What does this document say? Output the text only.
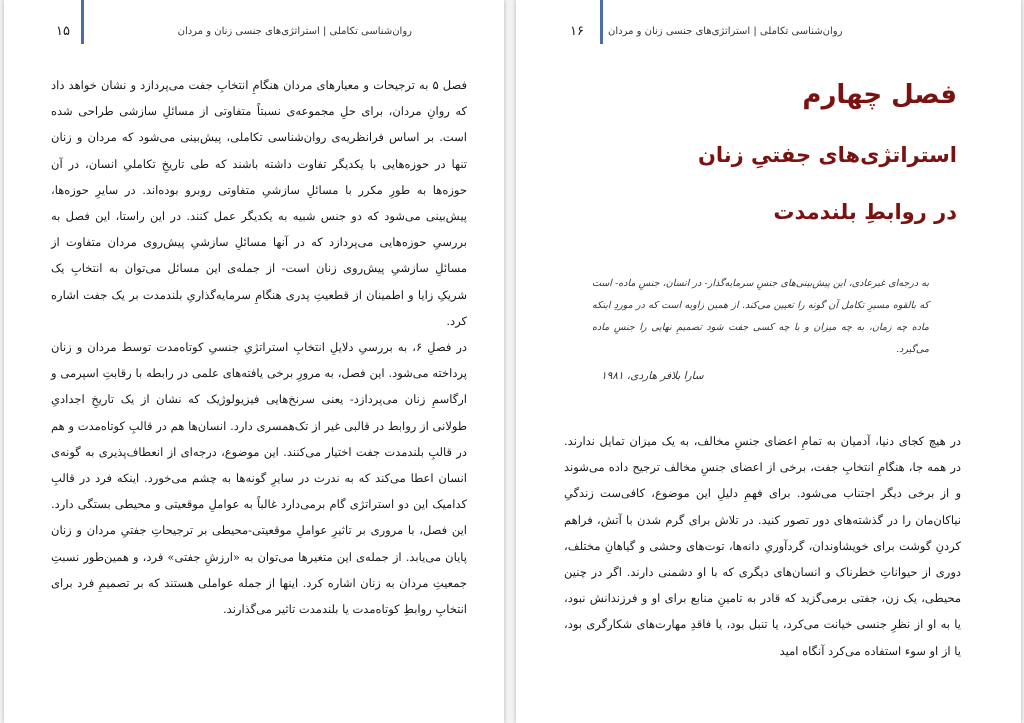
روان‌شناسی تکاملی | استراتژی‌های جنسی زنان و مردان
۱۵

فصل ۵ به ترجیحات و معیارهای مردان هنگامِ انتخابِ جفت می‌پردازد و نشان خواهد داد که روانِ مردان، برای حلِ مجموعه‌ی نسبتاً متفاوتی از مسائلِ سازشی طراحی شده است. بر اساس فرانظریه‌ی روان‌شناسی تکاملی، پیش‌بینی می‌شود که مردان و زنان تنها در حوزه‌هایی با یکدیگر تفاوت داشته باشند که طی تاریخِ تکاملیِ انسان، در آن حوزه‌ها به طورِ مکرر با مسائلِ سازشیِ متفاوتی روبرو بوده‌اند. در سایرِ حوزه‌ها، پیش‌بینی می‌شود که دو جنس شبیه به یکدیگر عمل کنند. در این راستا، این فصل به بررسیِ حوزه‌هایی می‌پردازد که در آنها مسائلِ سازشیِ پیش‌روی مردان متفاوت از مسائلِ سازشیِ پیش‌روی زنان است- از جمله‌ی این مسائل می‌توان به انتخابِ یک شریکِ زایا و اطمینان از قطعیتِ پدری هنگامِ سرمایه‌گذاریِ بلندمدت بر یک جفت اشاره کرد.

در فصلِ ۶، به بررسیِ دلایلِ انتخابِ استراتژیِ جنسیِ کوتاه‌مدت توسط مردان و زنان پرداخته می‌شود. این فصل، به مرورِ برخی یافته‌های علمی در رابطه با رقابتِ اسپرمی و ارگاسمِ زنان می‌پردازد- یعنی سرنخ‌هایی فیزیولوژیک که نشان از یک تاریخِ اجدادیِ طولانی از روابط در قالبی غیر از تک‌همسری دارد. انسان‌ها هم در قالبِ کوتاه‌مدت و هم در قالبِ بلندمدت جفت اختیار می‌کنند. این موضوع، درجه‌ای از انعطاف‌پذیری به گونه‌ی انسان اعطا می‌کند که به ندرت در سایرِ گونه‌ها به چشم می‌خورد. اینکه فرد در قالبِ کدامیک این دو استراتژی گام برمی‌دارد غالباً به عواملِ موقعیتی و محیطی بستگی دارد. این فصل، با مروری بر تاثیرِ عواملِ موقعیتی-محیطی بر ترجیحاتِ جفتیِ مردان و زنان پایان می‌یابد. از جمله‌ی این متغیرها می‌توان به «ارزشِ جفتی» فرد، و همین‌طور نسبتِ جمعیتِ مردان به زنان اشاره کرد. اینها از جمله عواملی هستند که بر تصمیمِ فرد برای انتخابِ روابطِ کوتاه‌مدت یا بلندمدت تاثیر می‌گذارند.

روان‌شناسی تکاملی | استراتژی‌های جنسی زنان و مردان
۱۶
فصل چهارم
استراتژی‌های جفتیِ زنان
در روابطِ بلندمدت
به درجه‌ای غیرعادی، این پیش‌بینی‌های جنسِ سرمایه‌گذار- در انسان، جنسِ ماده- است که بالقوه مسیرِ تکامل آن گونه را تعیین می‌کند. از همین زاویه است که در موردِ اینکه ماده چه زمان، به چه میزان و با چه کسی جفت شود تصمیمِ نهایی را جنسِ ماده می‌گیرد.
سارا بلافر هاردی، ۱۹۸۱

در هیچ کجای دنیا، آدمیان به تمامِ اعضای جنسِ مخالف، به یک میزان تمایل ندارند. در همه جا، هنگامِ انتخابِ جفت، برخی از اعضای جنسِ مخالف ترجیح داده می‌شوند و از برخی دیگر اجتناب می‌شود. برای فهمِ دلیلِ این موضوع، کافی‌ست زندگیِ نیاکان‌مان را در گذشته‌های دور تصور کنید. در تلاش برای گرم شدن با آتش، فراهم کردنِ گوشت برای خویشاوندان، گردآوریِ دانه‌ها، توت‌های وحشی و گیاهانِ مختلف، دوری از حیواناتِ خطرناک و انسان‌های دیگری که با او دشمنی دارند. اگر در چنین محیطی، یک زن، جفتی برمی‌گزید که قادر به تامینِ منابع برای او و فرزندانش نبود، یا به او از نظرِ جنسی خیانت می‌کرد، یا تنبل بود، یا فاقدِ مهارت‌های شکارگری بود، یا از او سوء استفاده می‌کرد آنگاه امید
